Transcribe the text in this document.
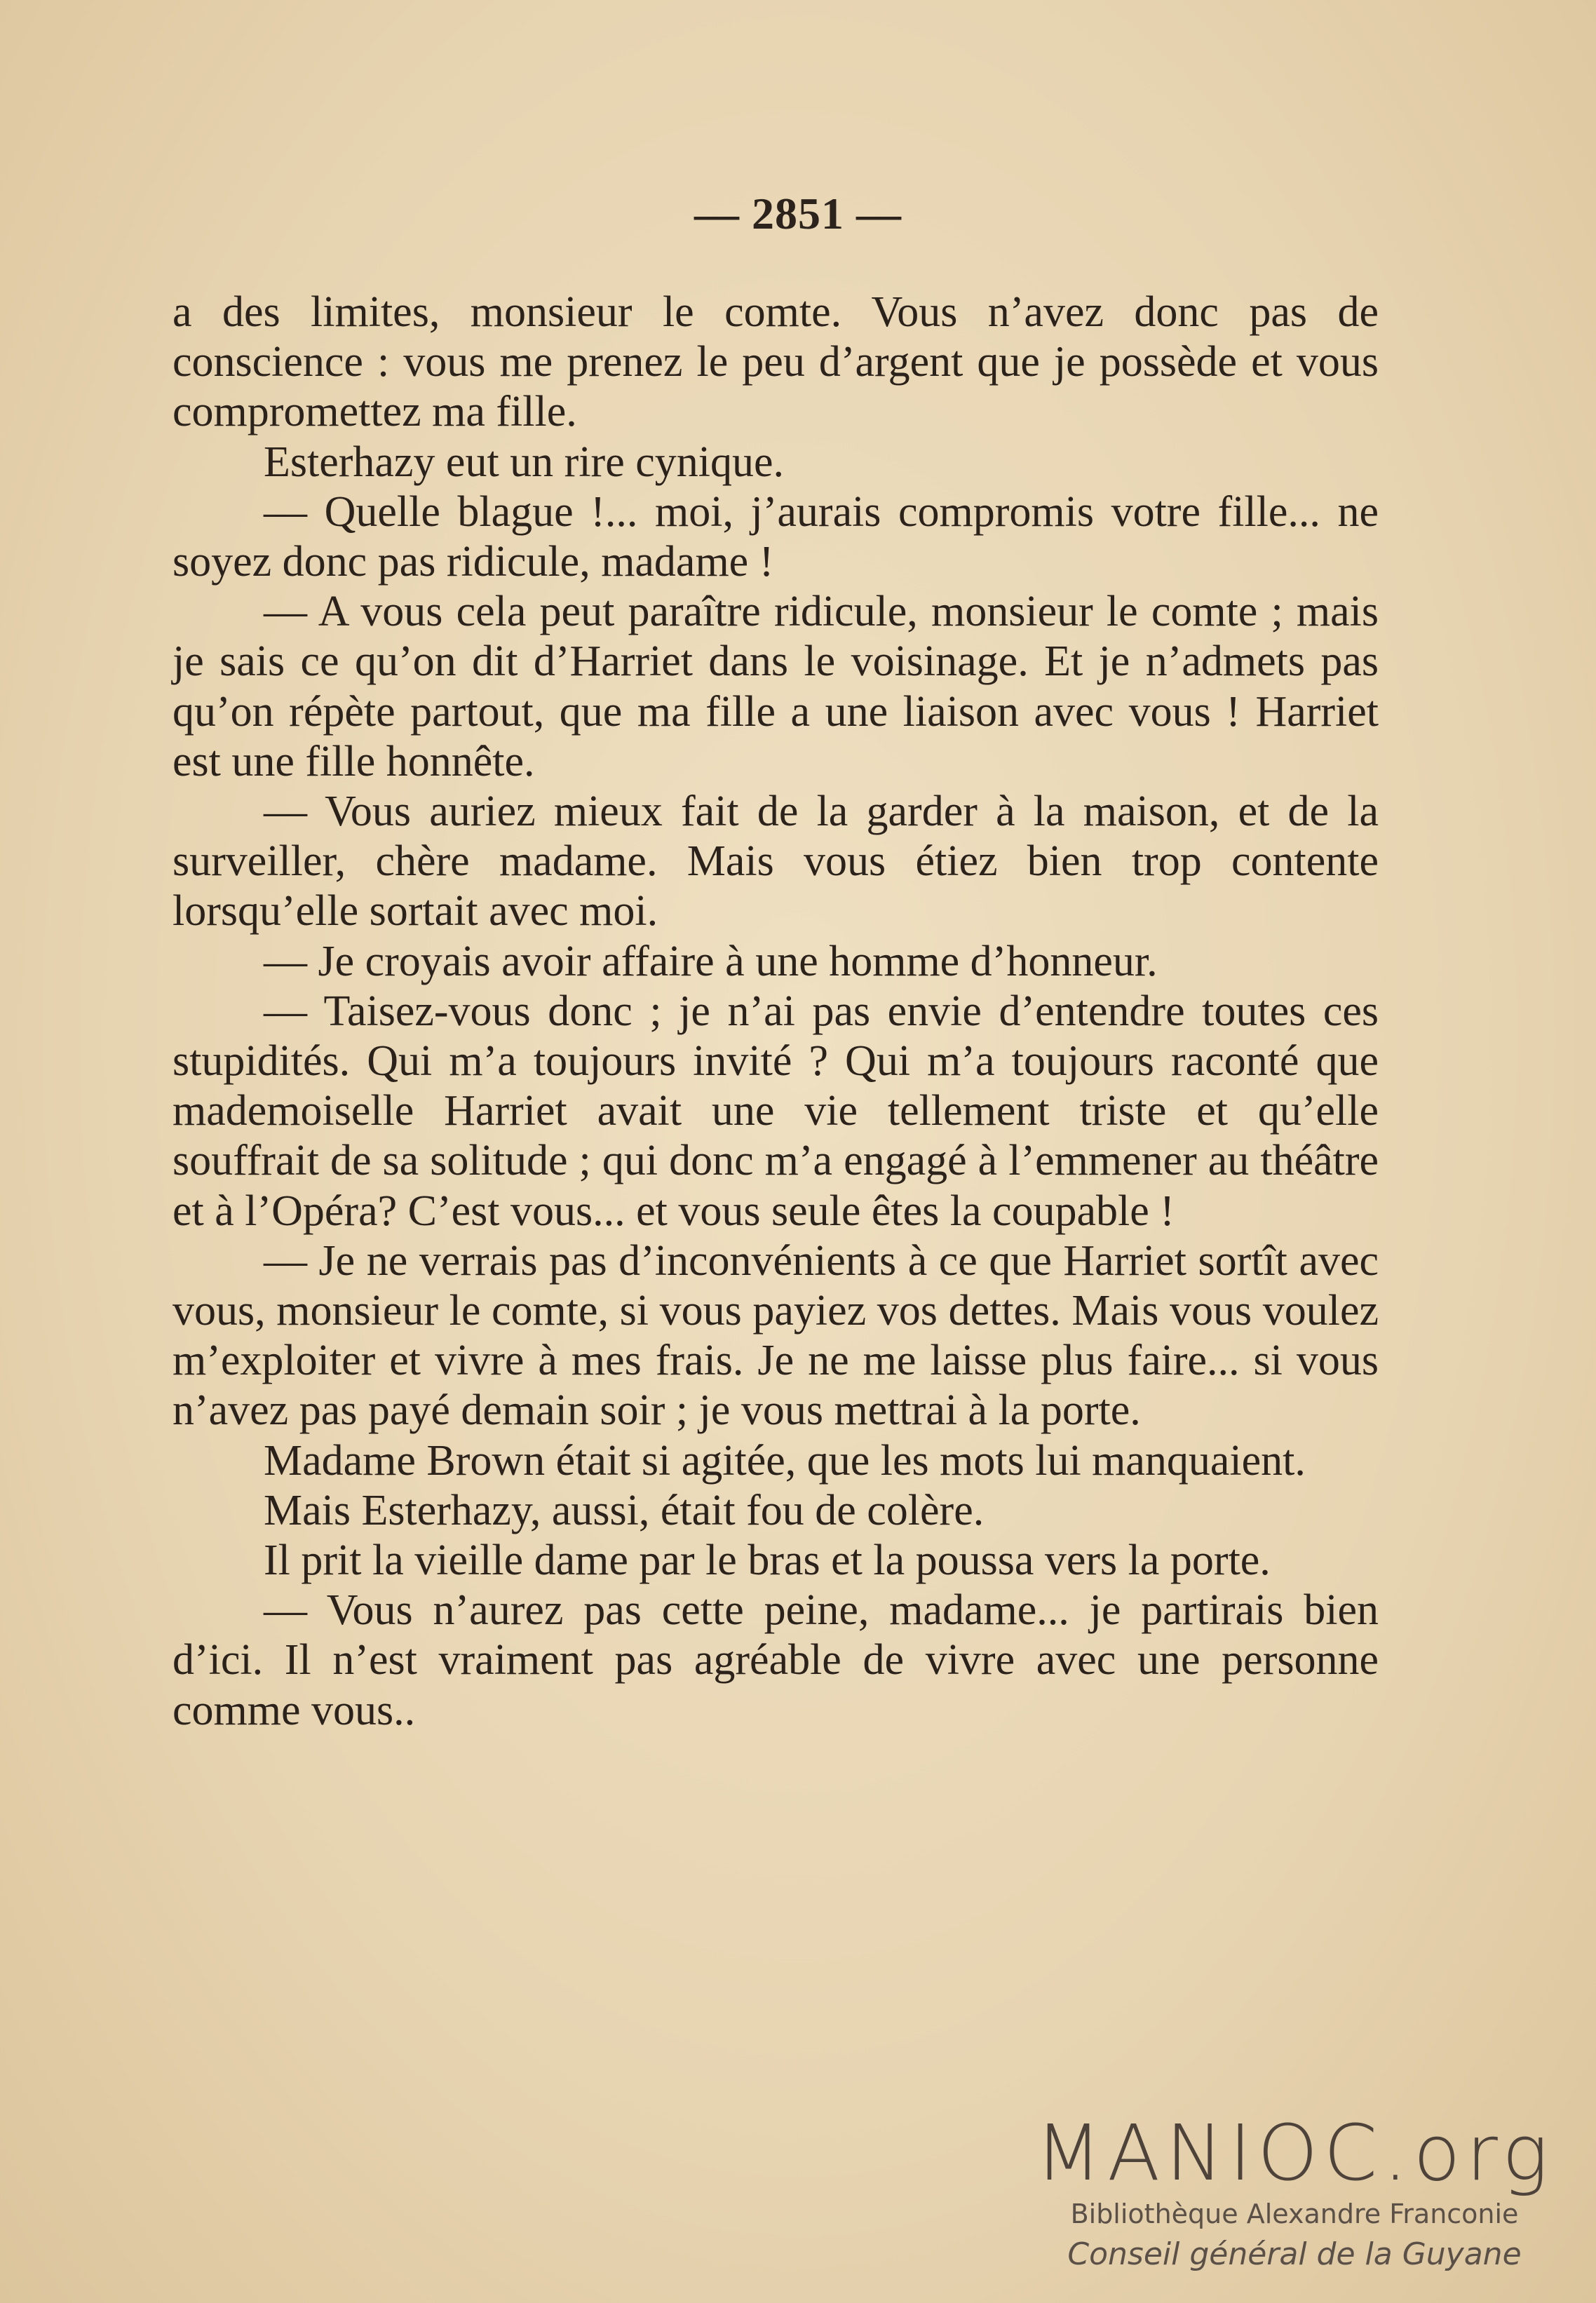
— 2851 —

a des limites, monsieur le comte. Vous n’avez donc pas de conscience : vous me prenez le peu d’argent que je possède et vous compromettez ma fille.

Esterhazy eut un rire cynique.

— Quelle blague !... moi, j’aurais compromis votre fille... ne soyez donc pas ridicule, madame !

— A vous cela peut paraître ridicule, monsieur le comte ; mais je sais ce qu’on dit d’Harriet dans le voisinage. Et je n’admets pas qu’on répète partout, que ma fille a une liaison avec vous ! Harriet est une fille honnête.

— Vous auriez mieux fait de la garder à la maison, et de la surveiller, chère madame. Mais vous étiez bien trop contente lorsqu’elle sortait avec moi.

— Je croyais avoir affaire à une homme d’honneur.

— Taisez-vous donc ; je n’ai pas envie d’entendre toutes ces stupidités. Qui m’a toujours invité ? Qui m’a toujours raconté que mademoiselle Harriet avait une vie tellement triste et qu’elle souffrait de sa solitude ; qui donc m’a engagé à l’emmener au théâtre et à l’Opéra? C’est vous... et vous seule êtes la coupable !

— Je ne verrais pas d’inconvénients à ce que Harriet sortît avec vous, monsieur le comte, si vous payiez vos dettes. Mais vous voulez m’exploiter et vivre à mes frais. Je ne me laisse plus faire... si vous n’avez pas payé demain soir ; je vous mettrai à la porte.

Madame Brown était si agitée, que les mots lui manquaient.

Mais Esterhazy, aussi, était fou de colère.

Il prit la vieille dame par le bras et la poussa vers la porte.

— Vous n’aurez pas cette peine, madame... je partirais bien d’ici. Il n’est vraiment pas agréable de vivre avec une personne comme vous..

MANIOC.org
Bibliothèque Alexandre Franconie
Conseil général de la Guyane
